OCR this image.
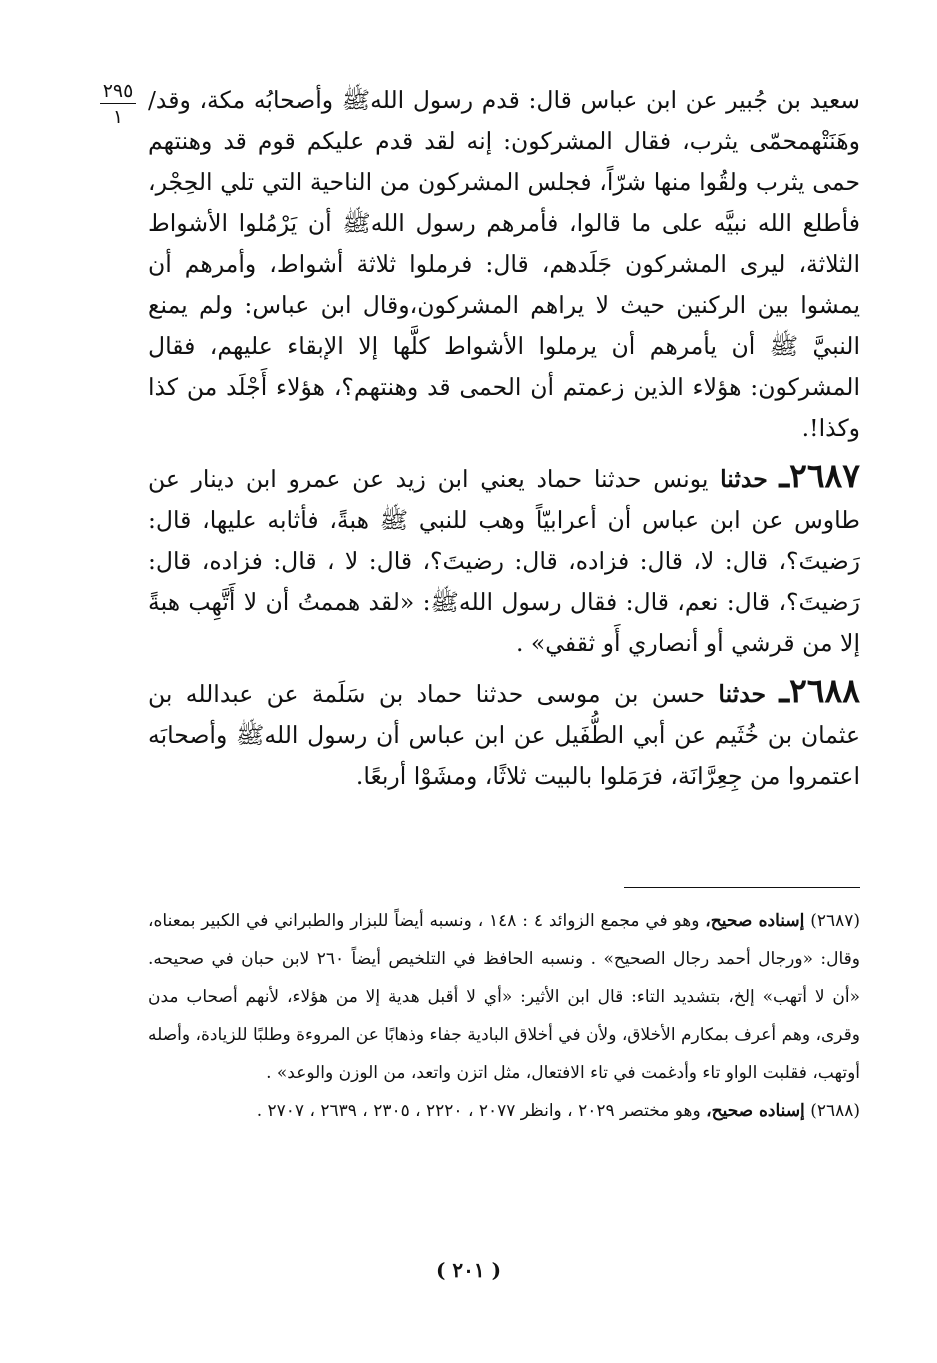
٢٩٥
١

سعيد بن جُبير عن ابن عباس قال: قدم رسول اللهﷺ وأصحابُه مكة، وقد/ وهَنَتْهمحمّى يثرب، فقال المشركون: إنه لقد قدم عليكم قوم قد وهنتهم حمى يثرب ولقُوا منها شرّاً، فجلس المشركون من الناحية التي تلي الحِجْر، فأطلع الله نبيَّه على ما قالوا، فأمرهم رسول اللهﷺ أن يَرْمُلوا الأشواط الثلاثة، ليرى المشركون جَلَدهم، قال: فرملوا ثلاثة أشواط، وأمرهم أن يمشوا بين الركنين حيث لا يراهم المشركون،وقال ابن عباس: ولم يمنع النبيَّ ﷺ أن يأمرهم أن يرملوا الأشواط كلَّها إلا الإبقاء عليهم، فقال المشركون: هؤلاء الذين زعمتم أن الحمى قد وهنتهم؟، هؤلاء أَجْلَد من كذا وكذا!.

٢٦٨٧ـ حدثنا يونس حدثنا حماد يعني ابن زيد عن عمرو ابن دينار عن طاوس عن ابن عباس أن أعرابيّاً وهب للنبي ﷺ هبةً، فأثابه عليها، قال: رَضيتَ؟، قال: لا، قال: فزاده، قال: رضيتَ؟، قال: لا ، قال: فزاده، قال: رَضيتَ؟، قال: نعم، قال: فقال رسول اللهﷺ: «لقد هممتُ أن لا أَتَّهِب هبةً إلا من قرشي أو أنصاري أَو ثقفي» .

٢٦٨٨ـ حدثنا حسن بن موسى حدثنا حماد بن سَلَمة عن عبدالله بن عثمان بن خُثَيم عن أبي الطُّفَيل عن ابن عباس أن رسول اللهﷺ وأصحابَه اعتمروا من جِعِرَّانَة، فرَمَلوا بالبيت ثلاثًا، ومشَوْا أربعًا.

(٢٦٨٧) إسناده صحيح، وهو في مجمع الزوائد ٤ : ١٤٨ ، ونسبه أيضاً للبزار والطبراني في الكبير بمعناه، وقال: «ورجال أحمد رجال الصحيح» . ونسبه الحافظ في التلخيص أيضاً ٢٦٠ لابن حبان في صحيحه. «أن لا أتهب» إلخ، بتشديد التاء: قال ابن الأثير: «أي لا أقبل هدية إلا من هؤلاء، لأنهم أصحاب مدن وقرى، وهم أعرف بمكارم الأخلاق، ولأن في أخلاق البادية جفاء وذهابًا عن المروءة وطلبًا للزيادة، وأصله أوتهب، فقلبت الواو تاء وأدغمت في تاء الافتعال، مثل اتزن واتعد، من الوزن والوعد» .

(٢٦٨٨) إسناده صحيح، وهو مختصر ٢٠٢٩ ، وانظر ٢٠٧٧ ، ٢٢٢٠ ، ٢٣٠٥ ، ٢٦٣٩ ، ٢٧٠٧ .

( ٢٠١ )
